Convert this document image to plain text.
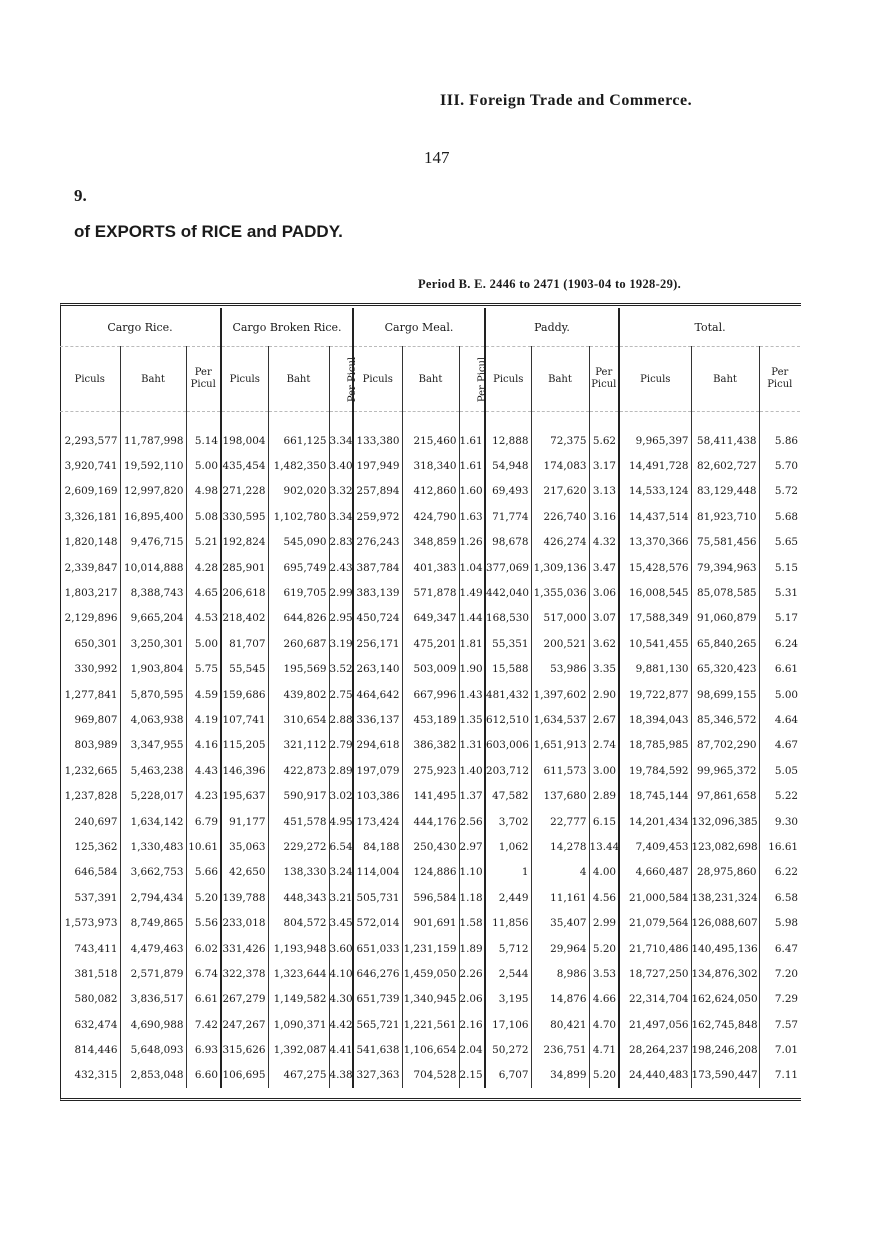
III. Foreign Trade and Commerce.
147
9.
of EXPORTS of RICE and PADDY.
Period B. E. 2446 to 2471 (1903-04 to 1928-29).
Cargo Rice.			Cargo Broken Rice.			Cargo Meal.			Paddy.			Total.		
Piculs	Baht	Per Picul	Piculs	Baht	Per Picul	Piculs	Baht	Per Picul	Piculs	Baht	Per Picul	Piculs	Baht	Per Picul

2,293,577	11,787,998	5.14	198,004	661,125	3.34	133,380	215,460	1.61	12,888	72,375	5.62	9,965,397	58,411,438	5.86
3,920,741	19,592,110	5.00	435,454	1,482,350	3.40	197,949	318,340	1.61	54,948	174,083	3.17	14,491,728	82,602,727	5.70
2,609,169	12,997,820	4.98	271,228	902,020	3.32	257,894	412,860	1.60	69,493	217,620	3.13	14,533,124	83,129,448	5.72
3,326,181	16,895,400	5.08	330,595	1,102,780	3.34	259,972	424,790	1.63	71,774	226,740	3.16	14,437,514	81,923,710	5.68
1,820,148	9,476,715	5.21	192,824	545,090	2.83	276,243	348,859	1.26	98,678	426,274	4.32	13,370,366	75,581,456	5.65
2,339,847	10,014,888	4.28	285,901	695,749	2.43	387,784	401,383	1.04	377,069	1,309,136	3.47	15,428,576	79,394,963	5.15
1,803,217	8,388,743	4.65	206,618	619,705	2.99	383,139	571,878	1.49	442,040	1,355,036	3.06	16,008,545	85,078,585	5.31
2,129,896	9,665,204	4.53	218,402	644,826	2.95	450,724	649,347	1.44	168,530	517,000	3.07	17,588,349	91,060,879	5.17
650,301	3,250,301	5.00	81,707	260,687	3.19	256,171	475,201	1.81	55,351	200,521	3.62	10,541,455	65,840,265	6.24
330,992	1,903,804	5.75	55,545	195,569	3.52	263,140	503,009	1.90	15,588	53,986	3.35	9,881,130	65,320,423	6.61
1,277,841	5,870,595	4.59	159,686	439,802	2.75	464,642	667,996	1.43	481,432	1,397,602	2.90	19,722,877	98,699,155	5.00
969,807	4,063,938	4.19	107,741	310,654	2.88	336,137	453,189	1.35	612,510	1,634,537	2.67	18,394,043	85,346,572	4.64
803,989	3,347,955	4.16	115,205	321,112	2.79	294,618	386,382	1.31	603,006	1,651,913	2.74	18,785,985	87,702,290	4.67
1,232,665	5,463,238	4.43	146,396	422,873	2.89	197,079	275,923	1.40	203,712	611,573	3.00	19,784,592	99,965,372	5.05
1,237,828	5,228,017	4.23	195,637	590,917	3.02	103,386	141,495	1.37	47,582	137,680	2.89	18,745,144	97,861,658	5.22
240,697	1,634,142	6.79	91,177	451,578	4.95	173,424	444,176	2.56	3,702	22,777	6.15	14,201,434	132,096,385	9.30
125,362	1,330,483	10.61	35,063	229,272	6.54	84,188	250,430	2.97	1,062	14,278	13.44	7,409,453	123,082,698	16.61
646,584	3,662,753	5.66	42,650	138,330	3.24	114,004	124,886	1.10	1	4	4.00	4,660,487	28,975,860	6.22
537,391	2,794,434	5.20	139,788	448,343	3.21	505,731	596,584	1.18	2,449	11,161	4.56	21,000,584	138,231,324	6.58
1,573,973	8,749,865	5.56	233,018	804,572	3.45	572,014	901,691	1.58	11,856	35,407	2.99	21,079,564	126,088,607	5.98
743,411	4,479,463	6.02	331,426	1,193,948	3.60	651,033	1,231,159	1.89	5,712	29,964	5.20	21,710,486	140,495,136	6.47
381,518	2,571,879	6.74	322,378	1,323,644	4.10	646,276	1,459,050	2.26	2,544	8,986	3.53	18,727,250	134,876,302	7.20
580,082	3,836,517	6.61	267,279	1,149,582	4.30	651,739	1,340,945	2.06	3,195	14,876	4.66	22,314,704	162,624,050	7.29
632,474	4,690,988	7.42	247,267	1,090,371	4.42	565,721	1,221,561	2.16	17,106	80,421	4.70	21,497,056	162,745,848	7.57
814,446	5,648,093	6.93	315,626	1,392,087	4.41	541,638	1,106,654	2.04	50,272	236,751	4.71	28,264,237	198,246,208	7.01
432,315	2,853,048	6.60	106,695	467,275	4.38	327,363	704,528	2.15	6,707	34,899	5.20	24,440,483	173,590,447	7.11
